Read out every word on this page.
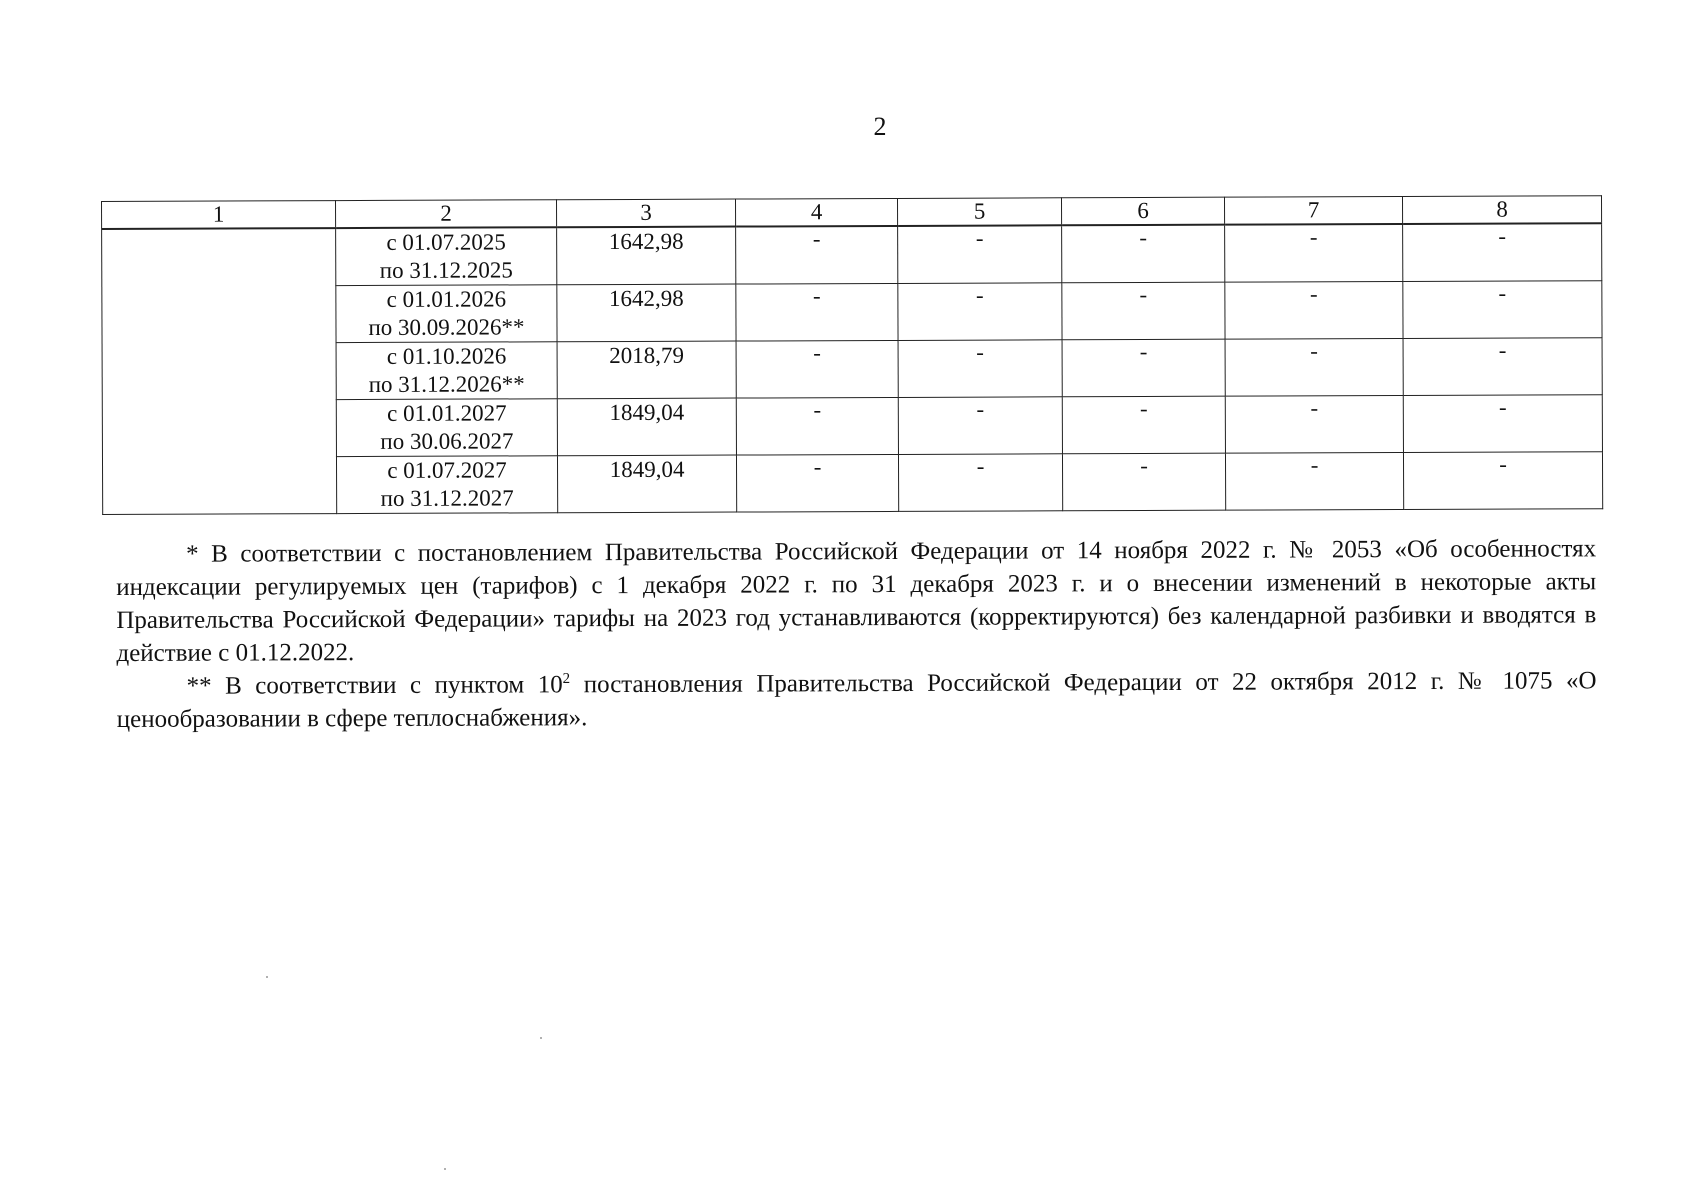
2
1	2	3	4	5	6	7	8

	с 01.07.2025
по 31.12.2025	1642,98	-	-	-	-	-

	с 01.01.2026
по 30.09.2026**	1642,98	-	-	-	-	-

	с 01.10.2026
по 31.12.2026**	2018,79	-	-	-	-	-

	с 01.01.2027
по 30.06.2027	1849,04	-	-	-	-	-

	с 01.07.2027
по 31.12.2027	1849,04	-	-	-	-	-

* В соответствии с постановлением Правительства Российской Федерации от 14 ноября 2022 г. № 2053 «Об особенностях индексации регулируемых цен (тарифов) с 1 декабря 2022 г. по 31 декабря 2023 г. и о внесении изменений в некоторые акты Правительства Российской Федерации» тарифы на 2023 год устанавливаются (корректируются) без календарной разбивки и вводятся в действие с 01.12.2022.

** В соответствии с пунктом $10^2$ постановления Правительства Российской Федерации от 22 октября 2012 г. № 1075 «О ценообразовании в сфере теплоснабжения».
